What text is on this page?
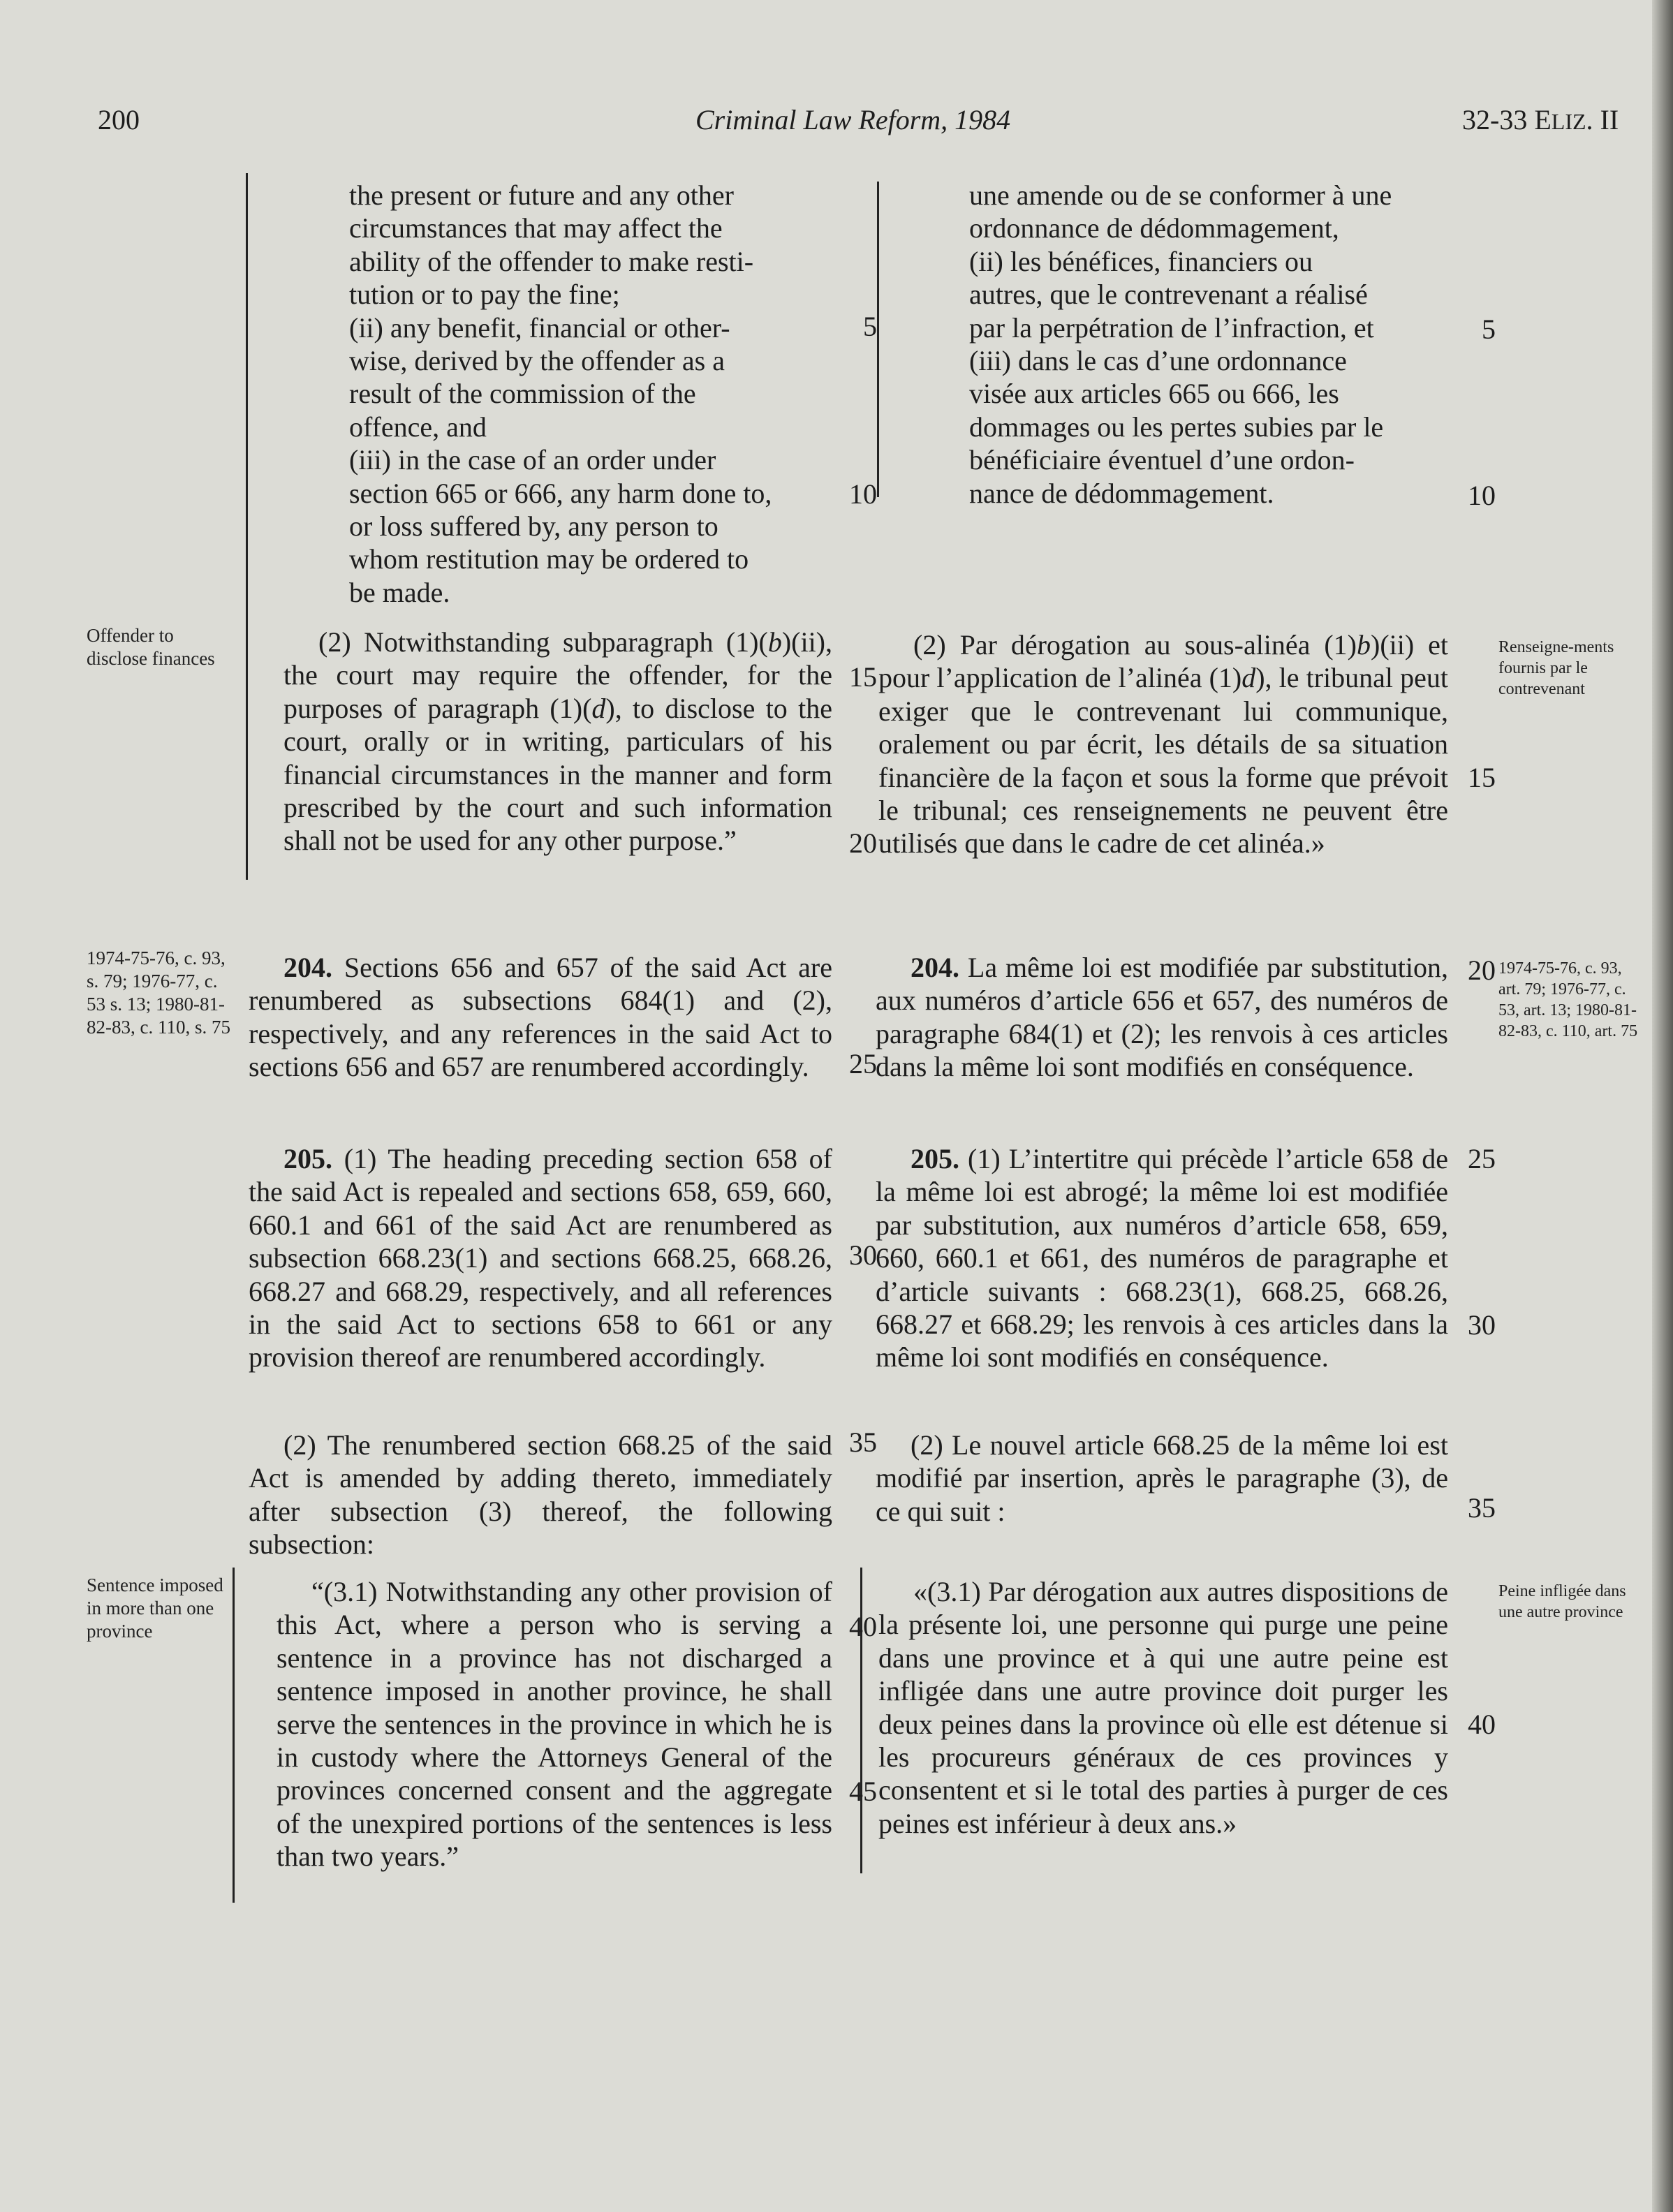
200	Criminal Law Reform, 1984	32-33 ELIZ. II
Offender to disclose finances
1974-75-76, c. 93, s. 79; 1976-77, c. 53 s. 13; 1980-81-82-83, c. 110, s. 75
Sentence imposed in more than one province
Renseigne-ments fournis par le contrevenant
1974-75-76, c. 93, art. 79; 1976-77, c. 53, art. 13; 1980-81-82-83, c. 110, art. 75
Peine infligée dans une autre province

the present or future and any other

circumstances that may affect the

ability of the offender to make resti-

tution or to pay the fine;

(ii) any benefit, financial or other-

wise, derived by the offender as a

result of the commission of the

offence, and

(iii) in the case of an order under

section 665 or 666, any harm done to,

or loss suffered by, any person to

whom restitution may be ordered to

be made.

(2) Notwithstanding subparagraph (1)(b)(ii), the court may require the offender, for the purposes of paragraph (1)(d), to disclose to the court, orally or in writing, particulars of his financial circumstances in the manner and form prescribed by the court and such information shall not be used for any other purpose.”

204. Sections 656 and 657 of the said Act are renumbered as subsections 684(1) and (2), respectively, and any references in the said Act to sections 656 and 657 are renumbered accordingly.

205. (1) The heading preceding section 658 of the said Act is repealed and sections 658, 659, 660, 660.1 and 661 of the said Act are renumbered as subsection 668.23(1) and sections 668.25, 668.26, 668.27 and 668.29, respectively, and all references in the said Act to sections 658 to 661 or any provision thereof are renumbered accordingly.

(2) The renumbered section 668.25 of the said Act is amended by adding thereto, immediately after subsection (3) thereof, the following subsection:

“(3.1) Notwithstanding any other provision of this Act, where a person who is serving a sentence in a province has not discharged a sentence imposed in another province, he shall serve the sentences in the province in which he is in custody where the Attorneys General of the provinces concerned consent and the aggregate of the unexpired portions of the sentences is less than two years.”

une amende ou de se conformer à une

ordonnance de dédommagement,

(ii) les bénéfices, financiers ou

autres, que le contrevenant a réalisé

par la perpétration de l’infraction, et

(iii) dans le cas d’une ordonnance

visée aux articles 665 ou 666, les

dommages ou les pertes subies par le

bénéficiaire éventuel d’une ordon-

nance de dédommagement.

(2) Par dérogation au sous-alinéa (1)b)(ii) et pour l’application de l’alinéa (1)d), le tribunal peut exiger que le contrevenant lui communique, oralement ou par écrit, les détails de sa situation financière de la façon et sous la forme que prévoit le tribunal; ces renseignements ne peuvent être utilisés que dans le cadre de cet alinéa.»

204. La même loi est modifiée par substitution, aux numéros d’article 656 et 657, des numéros de paragraphe 684(1) et (2); les renvois à ces articles dans la même loi sont modifiés en conséquence.

205. (1) L’intertitre qui précède l’article 658 de la même loi est abrogé; la même loi est modifiée par substitution, aux numéros d’article 658, 659, 660, 660.1 et 661, des numéros de paragraphe et d’article suivants : 668.23(1), 668.25, 668.26, 668.27 et 668.29; les renvois à ces articles dans la même loi sont modifiés en conséquence.

(2) Le nouvel article 668.25 de la même loi est modifié par insertion, après le paragraphe (3), de ce qui suit :

«(3.1) Par dérogation aux autres dispositions de la présente loi, une personne qui purge une peine dans une province et à qui une autre peine est infligée dans une autre province doit purger les deux peines dans la province où elle est détenue si les procureurs généraux de ces provinces y consentent et si le total des parties à purger de ces peines est inférieur à deux ans.»

5
10
15
20
25
30
35
40
45
5
10
15
20
25
30
35
40
